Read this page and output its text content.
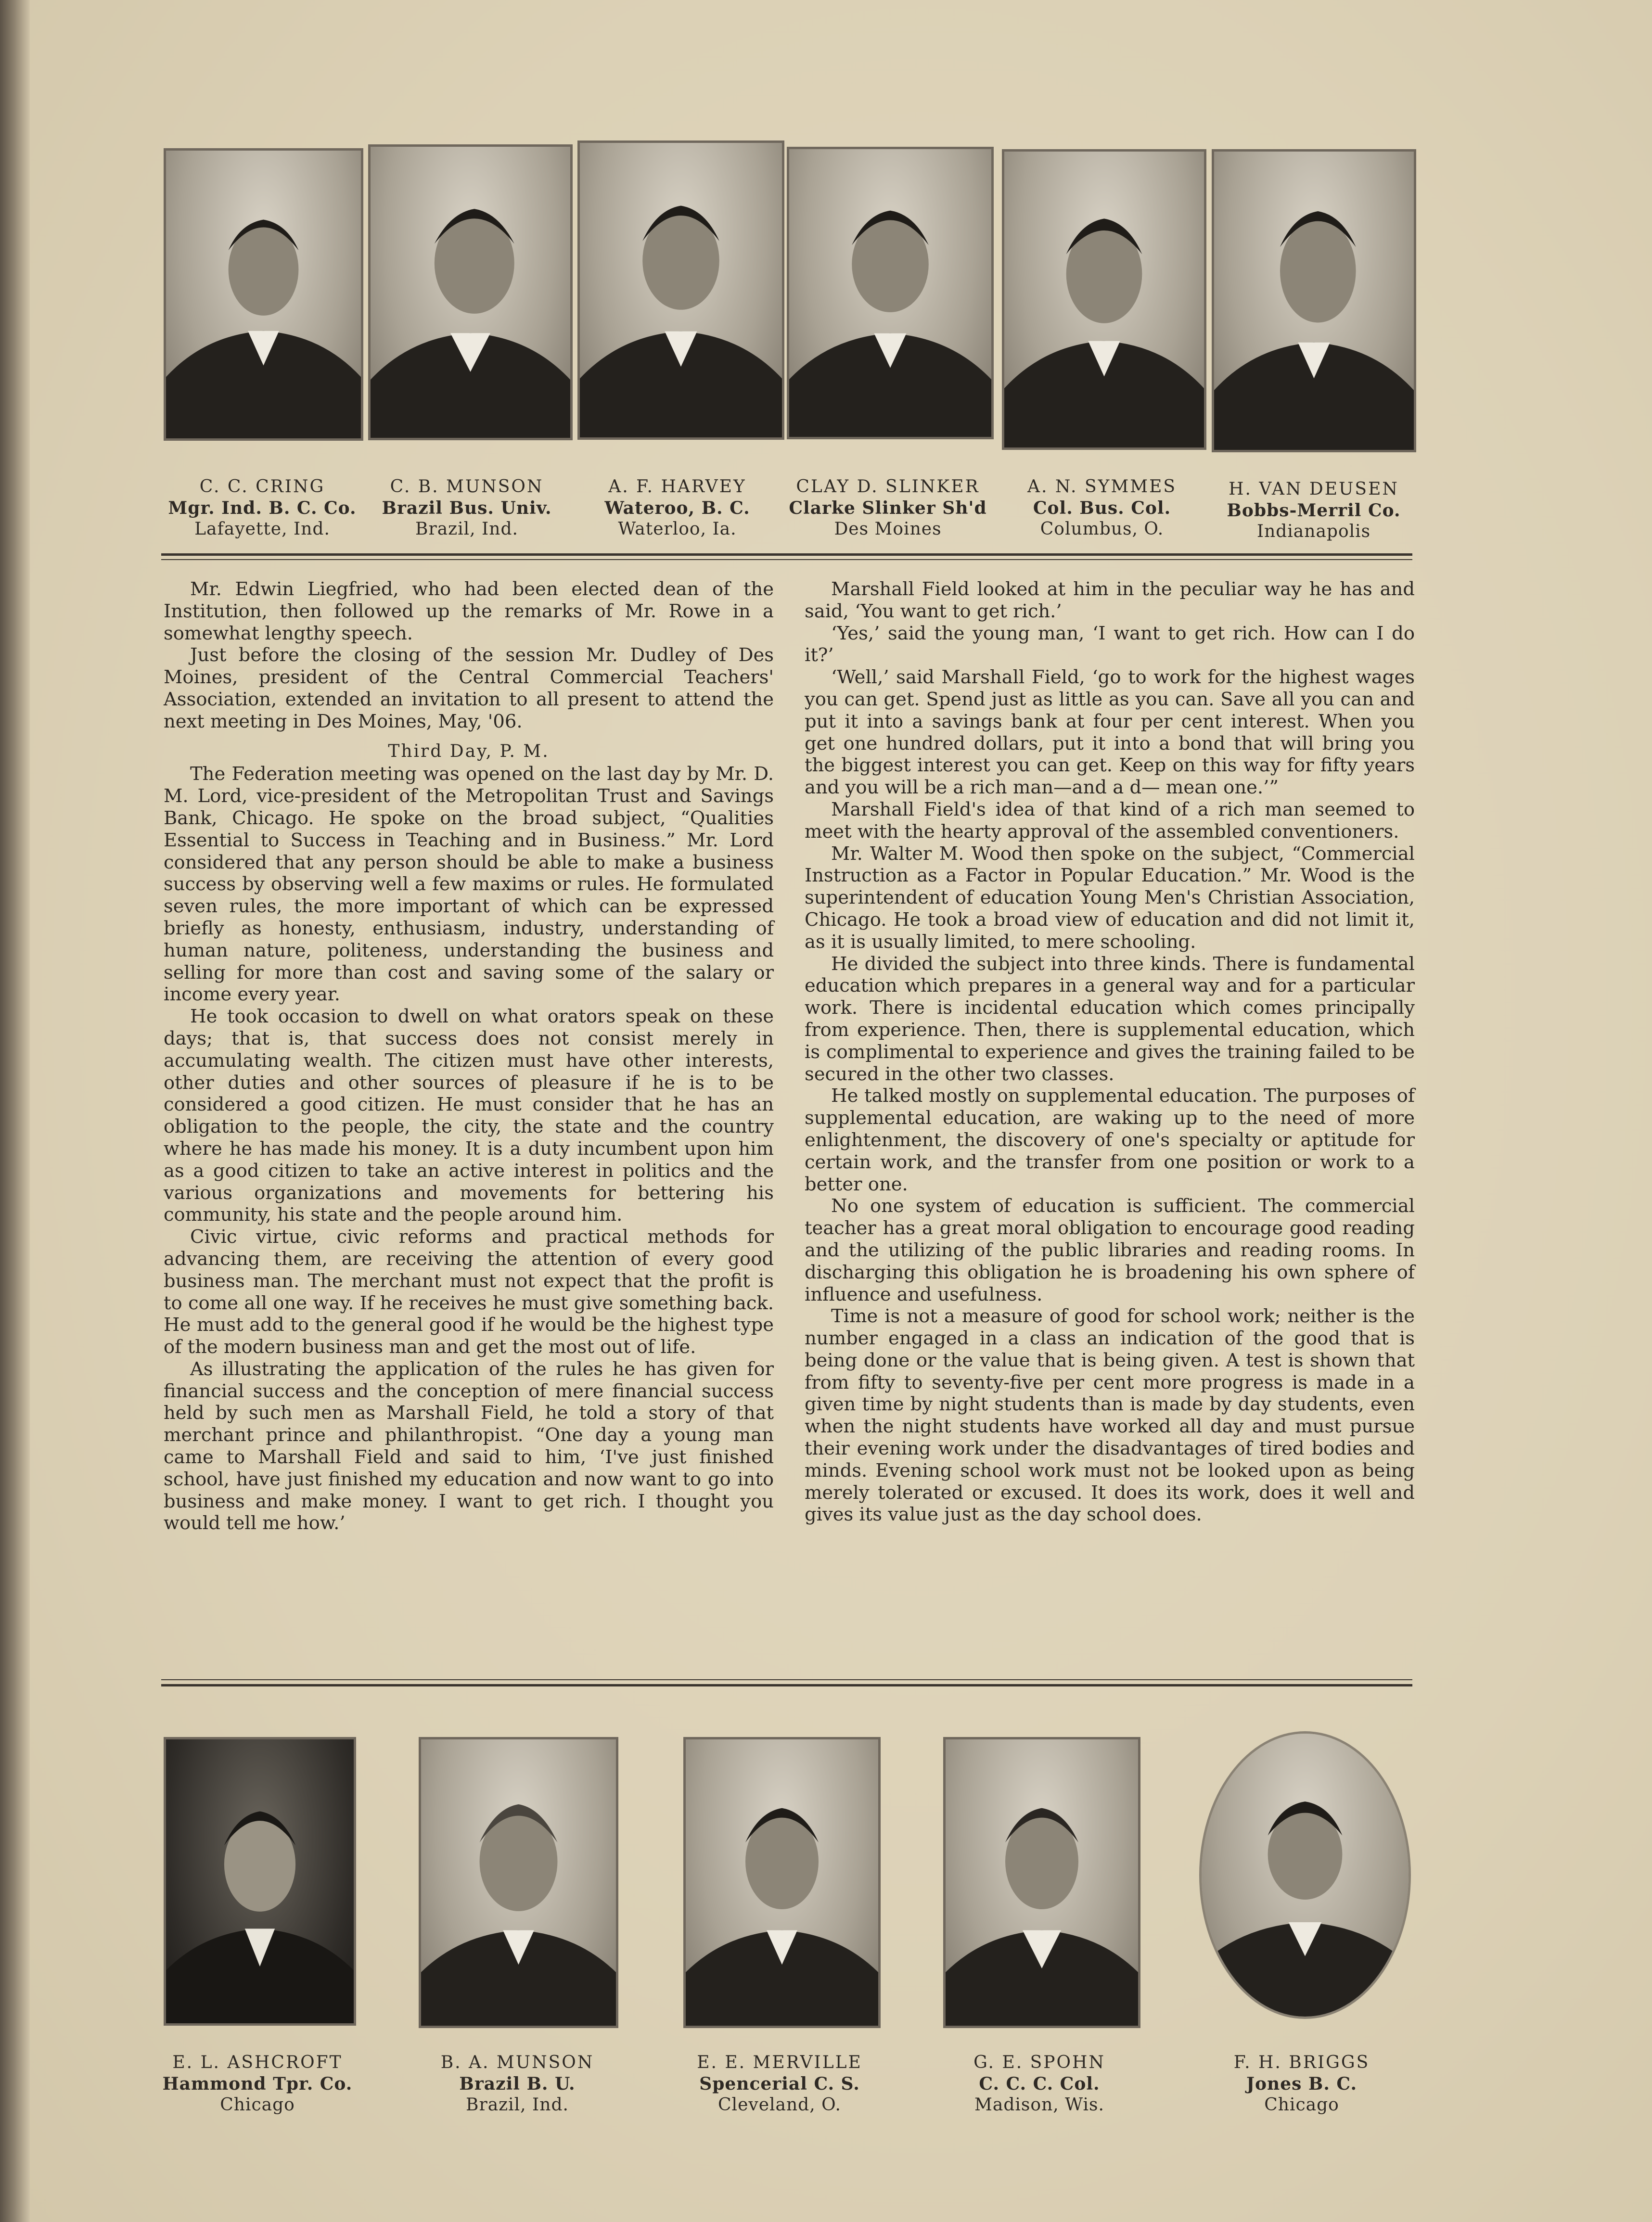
C. C. CRING
Mgr. Ind. B. C. Co.
Lafayette, Ind.
C. B. MUNSON
Brazil Bus. Univ.
Brazil, Ind.
A. F. HARVEY
Wateroo, B. C.
Waterloo, Ia.
CLAY D. SLINKER
Clarke Slinker Sh'd
Des Moines
A. N. SYMMES
Col. Bus. Col.
Columbus, O.
H. VAN DEUSEN
Bobbs-Merril Co.
Indianapolis

Mr. Edwin Liegfried, who had been elected dean of the Institution, then followed up the remarks of Mr. Rowe in a somewhat lengthy speech.

Just before the closing of the session Mr. Dudley of Des Moines, president of the Central Commercial Teachers' Association, extended an invitation to all present to attend the next meeting in Des Moines, May, '06.

Third Day, P. M.

The Federation meeting was opened on the last day by Mr. D. M. Lord, vice-president of the Metropolitan Trust and Savings Bank, Chicago. He spoke on the broad subject, “Qualities Essential to Success in Teaching and in Business.” Mr. Lord considered that any person should be able to make a business success by observing well a few maxims or rules. He formulated seven rules, the more important of which can be expressed briefly as honesty, enthusiasm, industry, understanding of human nature, politeness, understanding the business and selling for more than cost and saving some of the salary or income every year.

He took occasion to dwell on what orators speak on these days; that is, that success does not consist merely in accumulating wealth. The citizen must have other interests, other duties and other sources of pleasure if he is to be considered a good citizen. He must consider that he has an obligation to the people, the city, the state and the country where he has made his money. It is a duty incumbent upon him as a good citizen to take an active interest in politics and the various organizations and movements for bettering his community, his state and the people around him.

Civic virtue, civic reforms and practical methods for advancing them, are receiving the attention of every good business man. The merchant must not expect that the profit is to come all one way. If he receives he must give something back. He must add to the general good if he would be the highest type of the modern business man and get the most out of life.

As illustrating the application of the rules he has given for financial success and the conception of mere financial success held by such men as Marshall Field, he told a story of that merchant prince and philanthropist. “One day a young man came to Marshall Field and said to him, ‘I've just finished school, have just finished my education and now want to go into business and make money. I want to get rich. I thought you would tell me how.’

Marshall Field looked at him in the peculiar way he has and said, ‘You want to get rich.’

‘Yes,’ said the young man, ‘I want to get rich. How can I do it?’

‘Well,’ said Marshall Field, ‘go to work for the highest wages you can get. Spend just as little as you can. Save all you can and put it into a savings bank at four per cent interest. When you get one hundred dollars, put it into a bond that will bring you the biggest interest you can get. Keep on this way for fifty years and you will be a rich man—and a d— mean one.’”

Marshall Field's idea of that kind of a rich man seemed to meet with the hearty approval of the assembled conventioners.

Mr. Walter M. Wood then spoke on the subject, “Commercial Instruction as a Factor in Popular Education.” Mr. Wood is the superintendent of education Young Men's Christian Association, Chicago. He took a broad view of education and did not limit it, as it is usually limited, to mere schooling.

He divided the subject into three kinds. There is fundamental education which prepares in a general way and for a particular work. There is incidental education which comes principally from experience. Then, there is supplemental education, which is complimental to experience and gives the training failed to be secured in the other two classes.

He talked mostly on supplemental education. The purposes of supplemental education, are waking up to the need of more enlightenment, the discovery of one's specialty or aptitude for certain work, and the transfer from one position or work to a better one.

No one system of education is sufficient. The commercial teacher has a great moral obligation to encourage good reading and the utilizing of the public libraries and reading rooms. In discharging this obligation he is broadening his own sphere of influence and usefulness.

Time is not a measure of good for school work; neither is the number engaged in a class an indication of the good that is being done or the value that is being given. A test is shown that from fifty to seventy-five per cent more progress is made in a given time by night students than is made by day students, even when the night students have worked all day and must pursue their evening work under the disadvantages of tired bodies and minds. Evening school work must not be looked upon as being merely tolerated or excused. It does its work, does it well and gives its value just as the day school does.

E. L. ASHCROFT
Hammond Tpr. Co.
Chicago
B. A. MUNSON
Brazil B. U.
Brazil, Ind.
E. E. MERVILLE
Spencerial C. S.
Cleveland, O.
G. E. SPOHN
C. C. C. Col.
Madison, Wis.
F. H. BRIGGS
Jones B. C.
Chicago
